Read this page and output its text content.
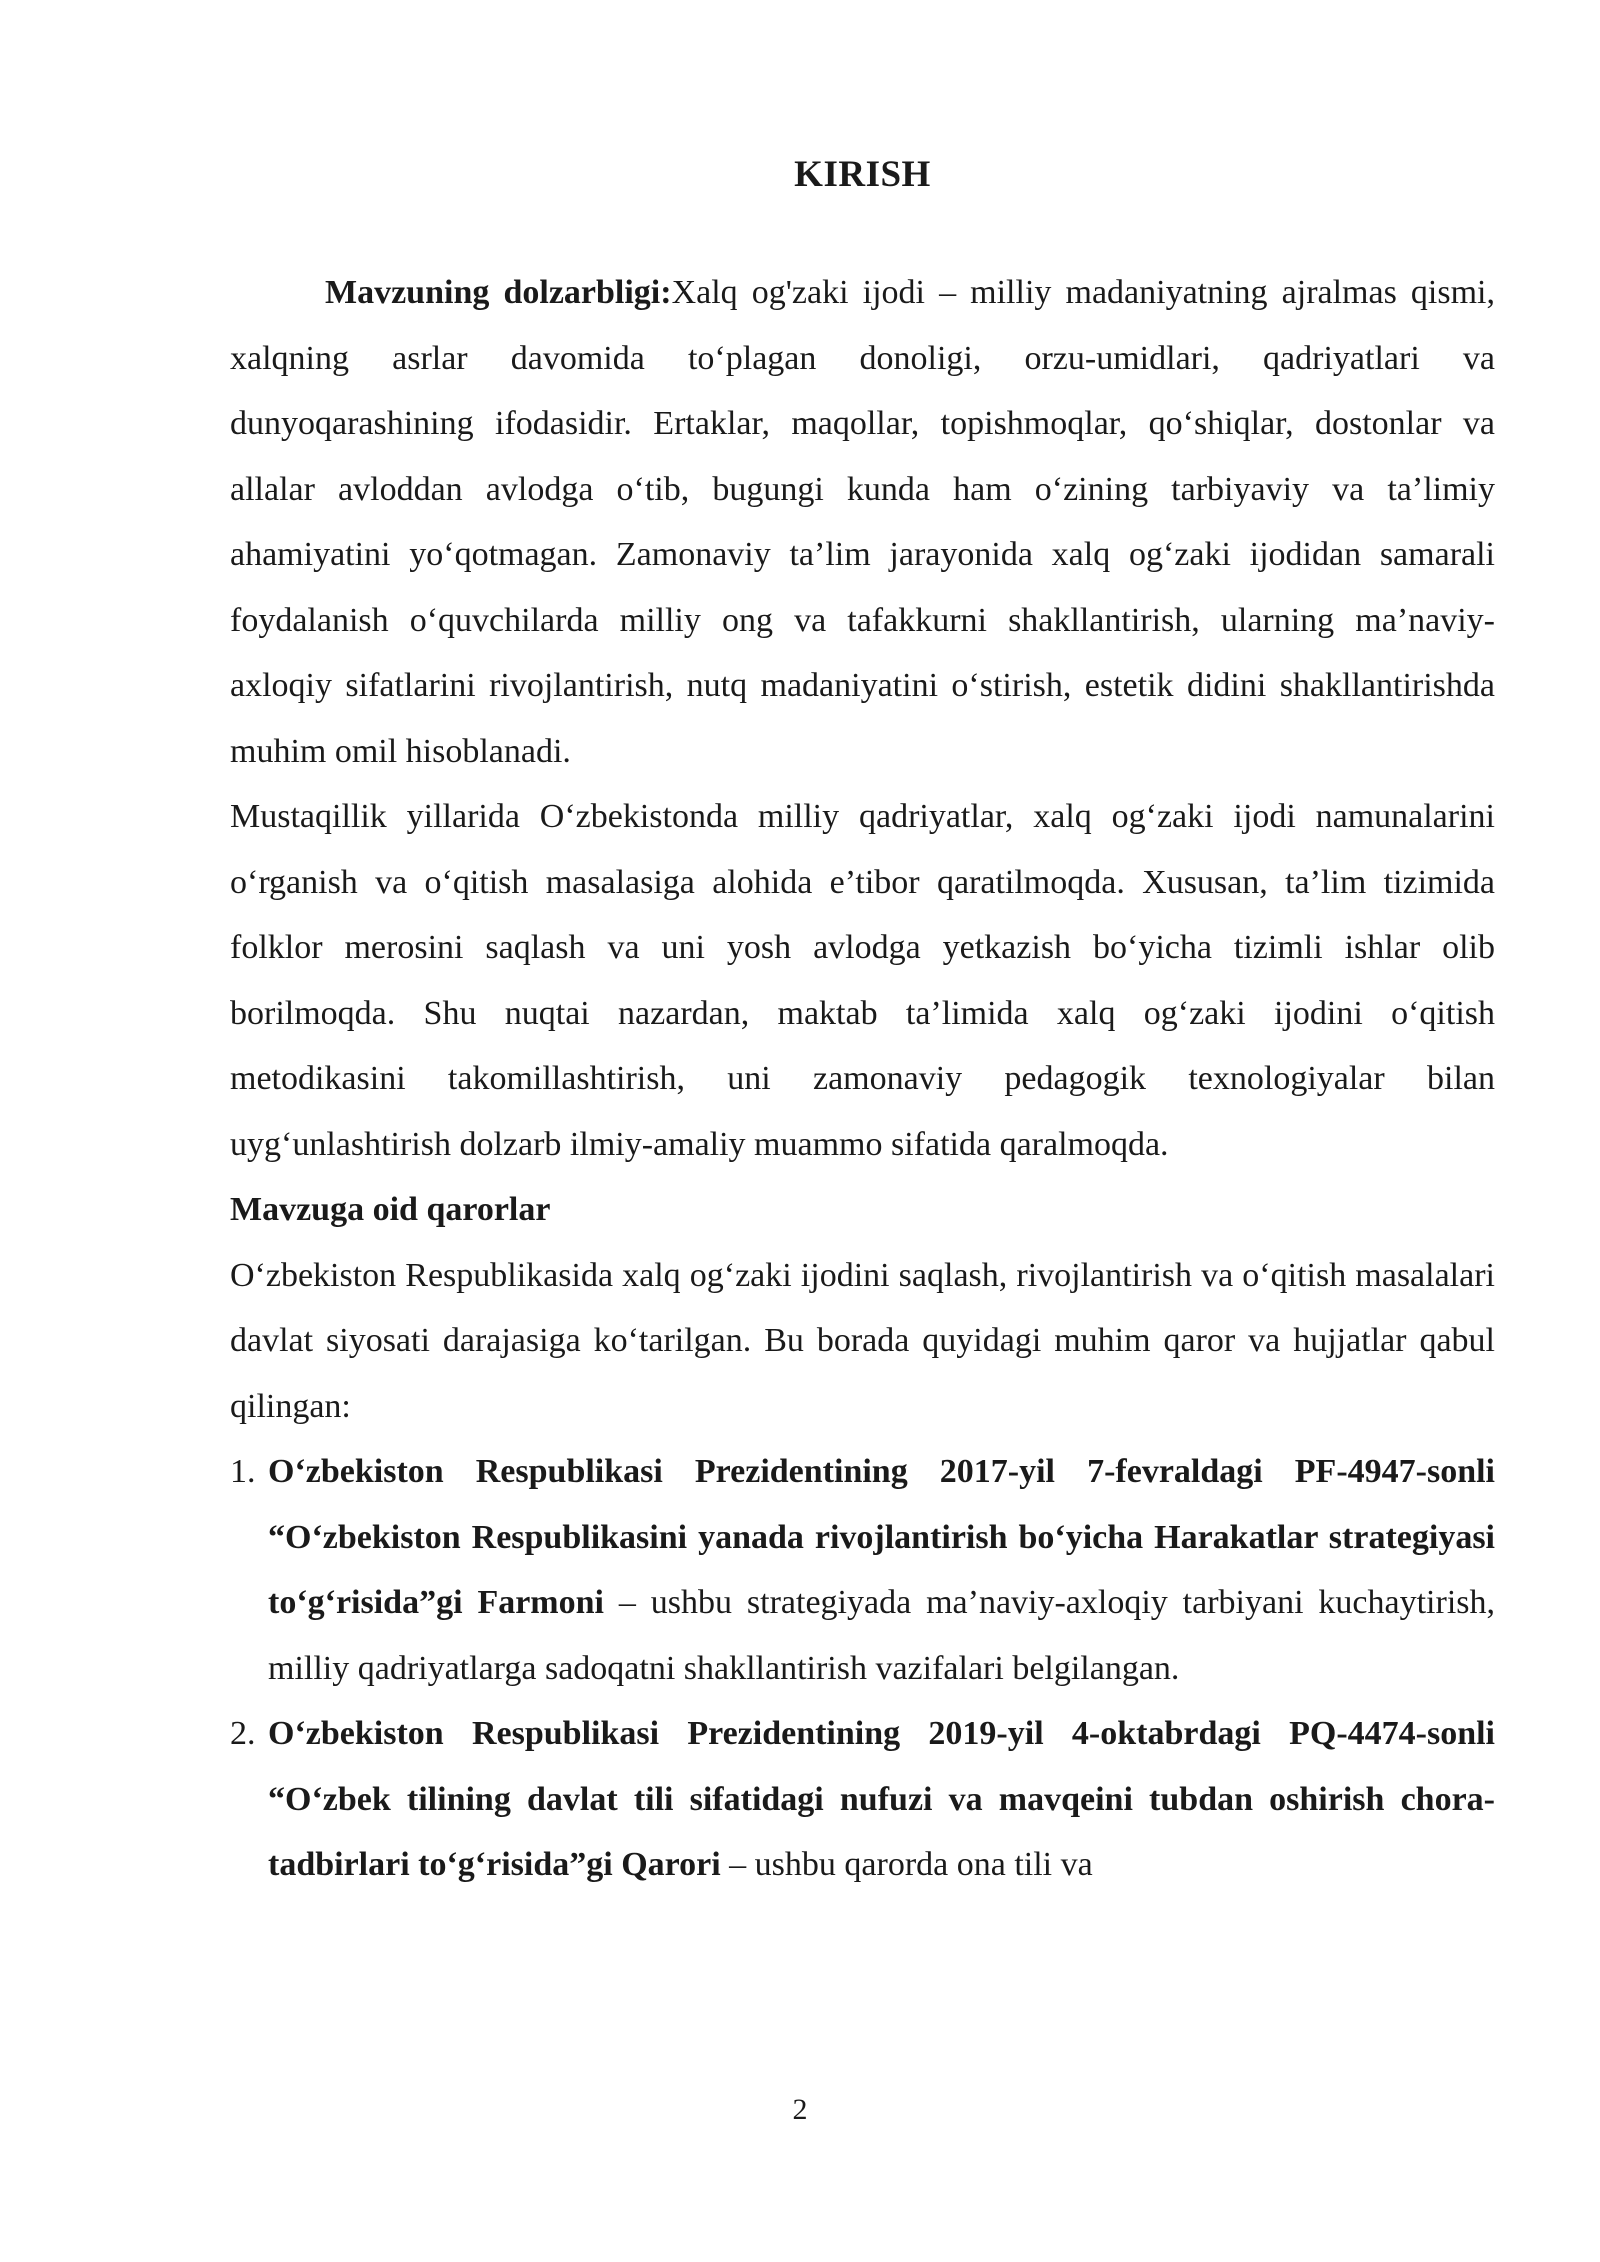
KIRISH

Mavzuning dolzarbligi:Xalq og'zaki ijodi – milliy madaniyatning ajralmas qismi, xalqning asrlar davomida to‘plagan donoligi, orzu-umidlari, qadriyatlari va dunyoqarashining ifodasidir. Ertaklar, maqollar, topishmoqlar, qo‘shiqlar, dostonlar va allalar avloddan avlodga o‘tib, bugungi kunda ham o‘zining tarbiyaviy va ta’limiy ahamiyatini yo‘qotmagan. Zamonaviy ta’lim jarayonida xalq og‘zaki ijodidan samarali foydalanish o‘quvchilarda milliy ong va tafakkurni shakllantirish, ularning ma’naviy-axloqiy sifatlarini rivojlantirish, nutq madaniyatini o‘stirish, estetik didini shakllantirishda muhim omil hisoblanadi.

Mustaqillik yillarida O‘zbekistonda milliy qadriyatlar, xalq og‘zaki ijodi namunalarini o‘rganish va o‘qitish masalasiga alohida e’tibor qaratilmoqda. Xususan, ta’lim tizimida folklor merosini saqlash va uni yosh avlodga yetkazish bo‘yicha tizimli ishlar olib borilmoqda. Shu nuqtai nazardan, maktab ta’limida xalq og‘zaki ijodini o‘qitish metodikasini takomillashtirish, uni zamonaviy pedagogik texnologiyalar bilan uyg‘unlashtirish dolzarb ilmiy-amaliy muammo sifatida qaralmoqda.

Mavzuga oid qarorlar

O‘zbekiston Respublikasida xalq og‘zaki ijodini saqlash, rivojlantirish va o‘qitish masalalari davlat siyosati darajasiga ko‘tarilgan. Bu borada quyidagi muhim qaror va hujjatlar qabul qilingan:

1. O‘zbekiston Respublikasi Prezidentining 2017-yil 7-fevraldagi PF-4947-sonli “O‘zbekiston Respublikasini yanada rivojlantirish bo‘yicha Harakatlar strategiyasi to‘g‘risida”gi Farmoni – ushbu strategiyada ma’naviy-axloqiy tarbiyani kuchaytirish, milliy qadriyatlarga sadoqatni shakllantirish vazifalari belgilangan.
2. O‘zbekiston Respublikasi Prezidentining 2019-yil 4-oktabrdagi PQ-4474-sonli “O‘zbek tilining davlat tili sifatidagi nufuzi va mavqeini tubdan oshirish chora-tadbirlari to‘g‘risida”gi Qarori – ushbu qarorda ona tili va
2
